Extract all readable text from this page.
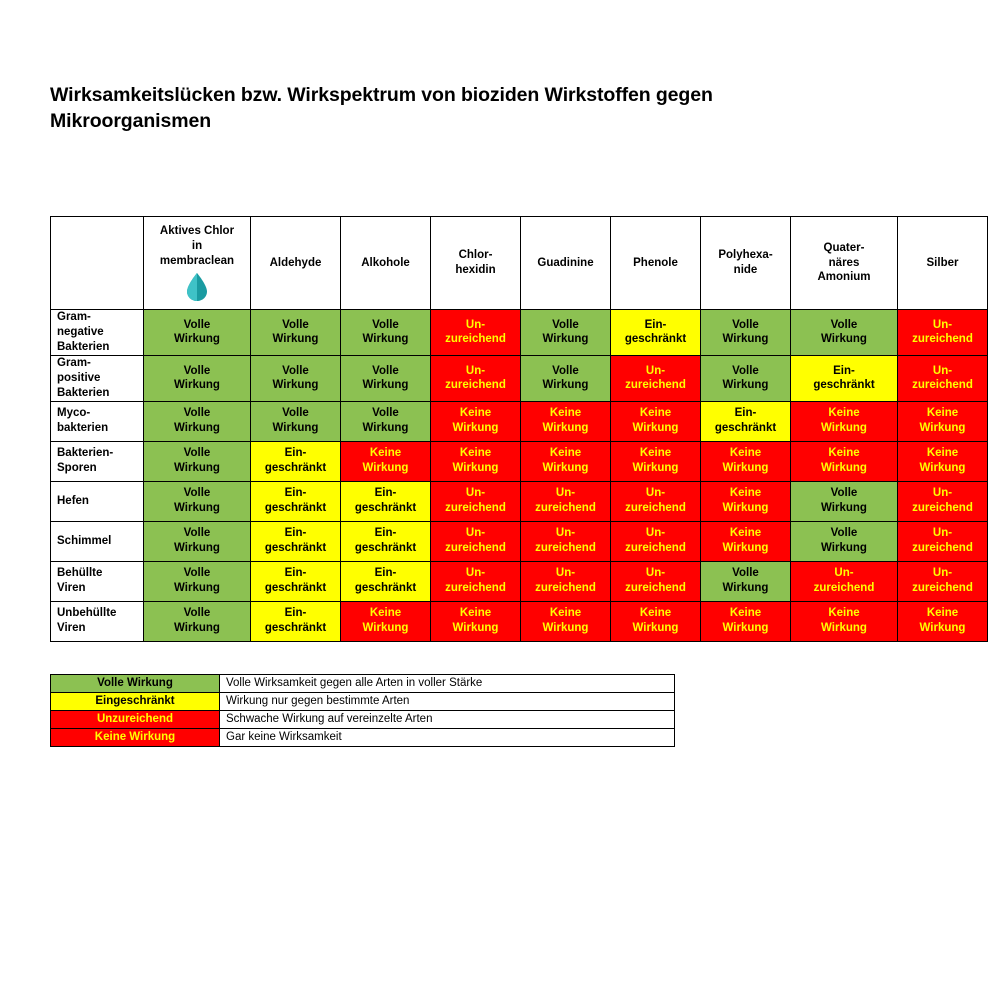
Wirksamkeitslücken bzw. Wirkspektrum von bioziden Wirkstoffen gegen
Mikroorganismen

	Aktives Chlor
in
membraclean	Aldehyde	Alkohole	Chlor-
hexidin	Guadinine	Phenole	Polyhexa-
nide	Quater-
näres
Amonium	Silber

Gram-
negative
Bakterien	Volle
Wirkung	Volle
Wirkung	Volle
Wirkung	Un-
zureichend	Volle
Wirkung	Ein-
geschränkt	Volle
Wirkung	Volle
Wirkung	Un-
zureichend

Gram-
positive
Bakterien	Volle
Wirkung	Volle
Wirkung	Volle
Wirkung	Un-
zureichend	Volle
Wirkung	Un-
zureichend	Volle
Wirkung	Ein-
geschränkt	Un-
zureichend

Myco-
bakterien	Volle
Wirkung	Volle
Wirkung	Volle
Wirkung	Keine
Wirkung	Keine
Wirkung	Keine
Wirkung	Ein-
geschränkt	Keine
Wirkung	Keine
Wirkung

Bakterien-
Sporen	Volle
Wirkung	Ein-
geschränkt	Keine
Wirkung	Keine
Wirkung	Keine
Wirkung	Keine
Wirkung	Keine
Wirkung	Keine
Wirkung	Keine
Wirkung

Hefen	Volle
Wirkung	Ein-
geschränkt	Ein-
geschränkt	Un-
zureichend	Un-
zureichend	Un-
zureichend	Keine
Wirkung	Volle
Wirkung	Un-
zureichend

Schimmel	Volle
Wirkung	Ein-
geschränkt	Ein-
geschränkt	Un-
zureichend	Un-
zureichend	Un-
zureichend	Keine
Wirkung	Volle
Wirkung	Un-
zureichend

Behüllte
Viren	Volle
Wirkung	Ein-
geschränkt	Ein-
geschränkt	Un-
zureichend	Un-
zureichend	Un-
zureichend	Volle
Wirkung	Un-
zureichend	Un-
zureichend

Unbehüllte
Viren	Volle
Wirkung	Ein-
geschränkt	Keine
Wirkung	Keine
Wirkung	Keine
Wirkung	Keine
Wirkung	Keine
Wirkung	Keine
Wirkung	Keine
Wirkung
Volle Wirkung	Volle Wirksamkeit gegen alle Arten in voller Stärke
Eingeschränkt	Wirkung nur gegen bestimmte Arten
Unzureichend	Schwache Wirkung auf vereinzelte Arten
Keine Wirkung	Gar keine Wirksamkeit
